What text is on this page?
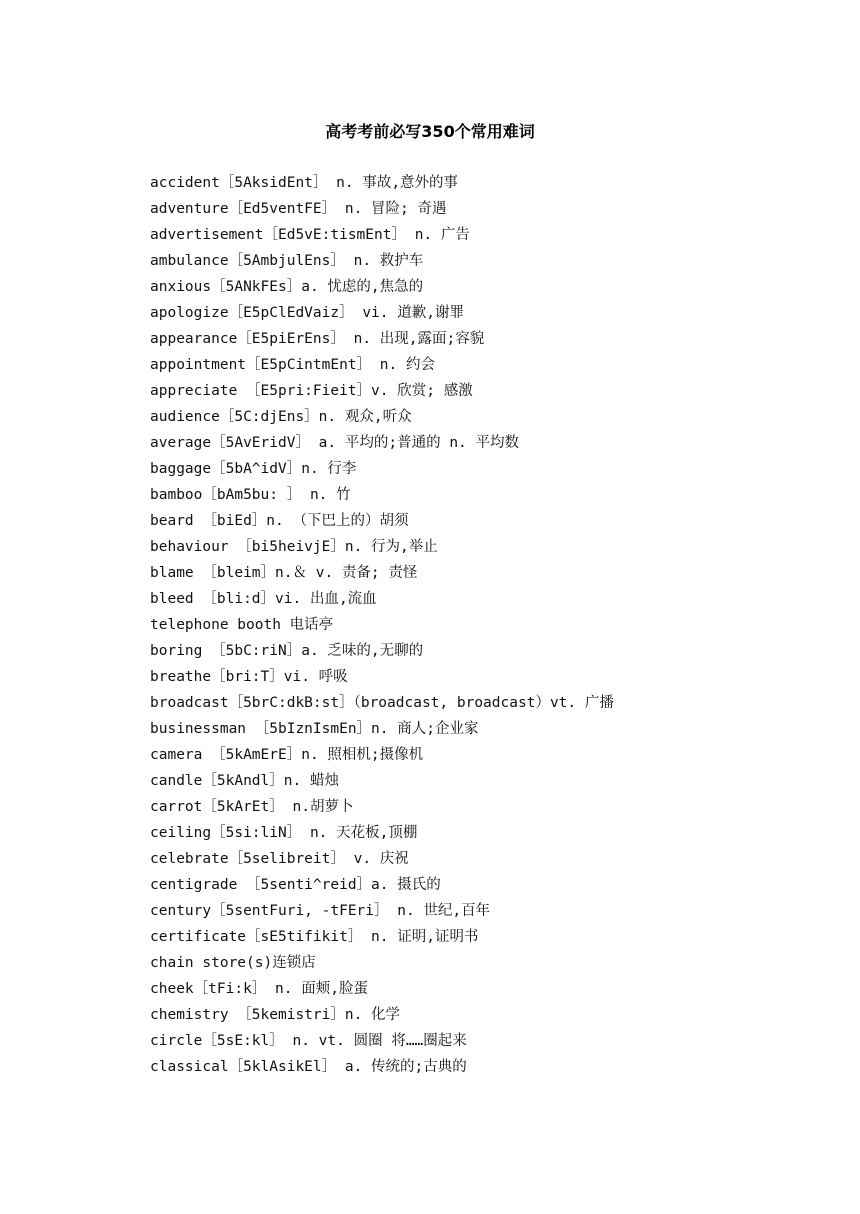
高考考前必写350个常用难词
accident［5AksidEnt］ n. 事故,意外的事
adventure［Ed5ventFE］ n. 冒险; 奇遇
advertisement［Ed5vE:tismEnt］ n. 广告
ambulance［5AmbjulEns］ n. 救护车
anxious［5ANkFEs］a. 忧虑的,焦急的
apologize［E5pClEdVaiz］ vi. 道歉,谢罪
appearance［E5piErEns］ n. 出现,露面;容貌
appointment［E5pCintmEnt］ n. 约会
appreciate ［E5pri:Fieit］v. 欣赏; 感激
audience［5C:djEns］n. 观众,听众
average［5AvEridV］ a. 平均的;普通的 n. 平均数
baggage［5bA^idV］n. 行李
bamboo［bAm5bu: ］ n. 竹
beard ［biEd］n. （下巴上的）胡须
behaviour ［bi5heivjE］n. 行为,举止
blame ［bleim］n.＆ v. 责备; 责怪
bleed ［bli:d］vi. 出血,流血
telephone booth 电话亭
boring ［5bC:riN］a. 乏味的,无聊的
breathe［bri:T］vi. 呼吸
broadcast［5brC:dkB:st］（broadcast, broadcast）vt. 广播
businessman ［5bIznIsmEn］n. 商人;企业家
camera ［5kAmErE］n. 照相机;摄像机
candle［5kAndl］n. 蜡烛
carrot［5kArEt］ n.胡萝卜
ceiling［5si:liN］ n. 天花板,顶棚
celebrate［5selibreit］ v. 庆祝
centigrade ［5senti^reid］a. 摄氏的
century［5sentFuri, -tFEri］ n. 世纪,百年
certificate［sE5tifikit］ n. 证明,证明书
chain store(s)连锁店
cheek［tFi:k］ n. 面颊,脸蛋
chemistry ［5kemistri］n. 化学
circle［5sE:kl］ n. vt. 圆圈 将……圈起来
classical［5klAsikEl］ a. 传统的;古典的
